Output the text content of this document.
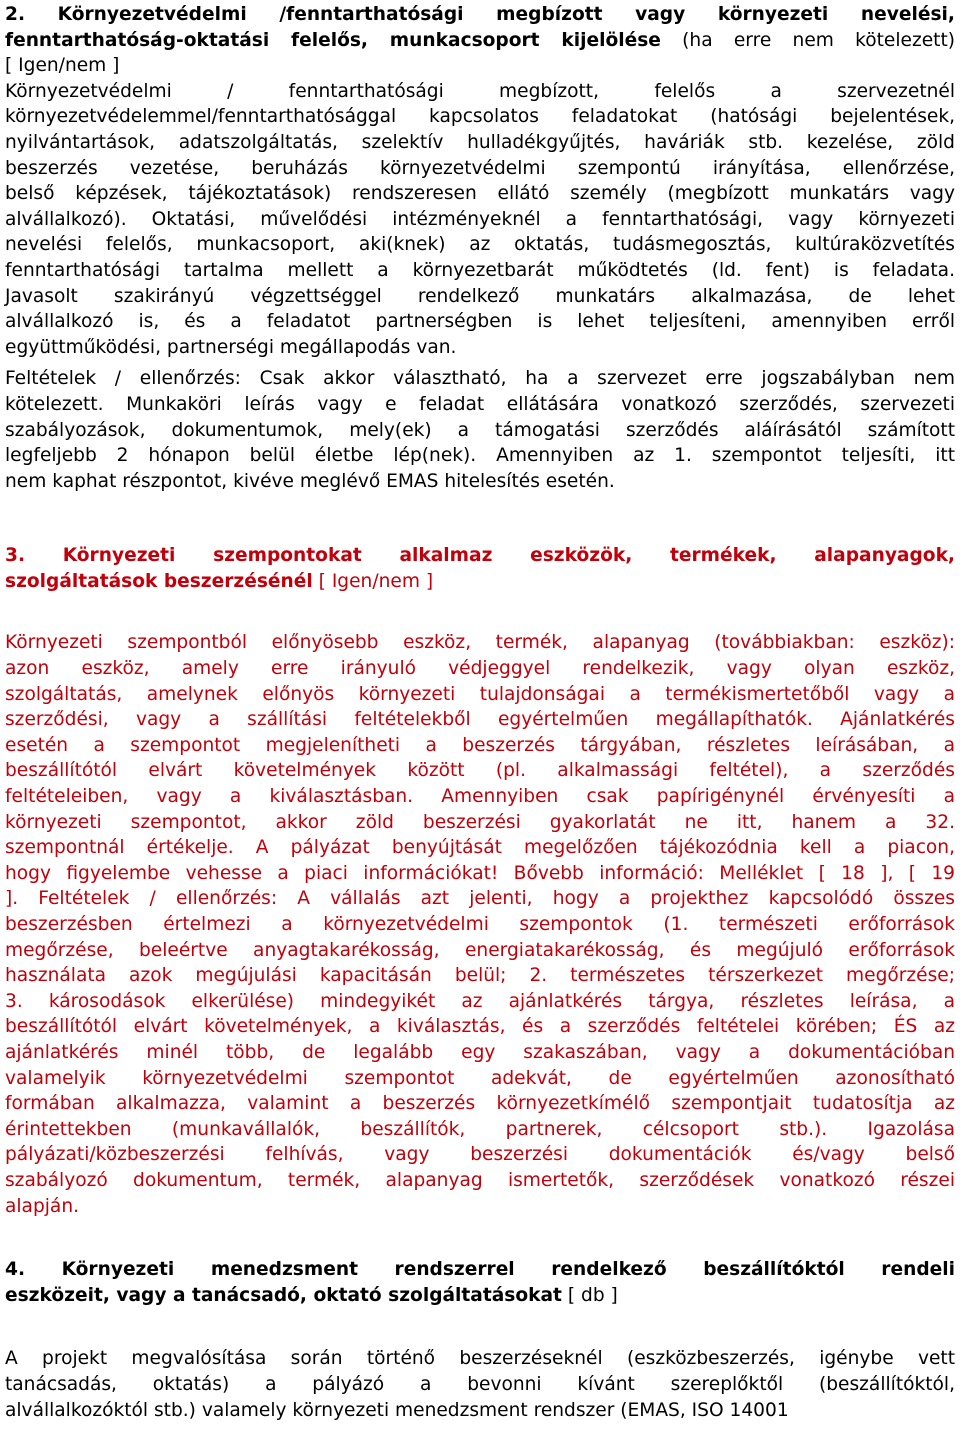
2. Környezetvédelmi /fenntarthatósági megbízott vagy környezeti nevelési,
fenntarthatóság-oktatási felelős, munkacsoport kijelölése (ha erre nem kötelezett)
[ Igen/nem ]
Környezetvédelmi / fenntarthatósági megbízott, felelős a szervezetnél
környezetvédelemmel/fenntarthatósággal kapcsolatos feladatokat (hatósági bejelentések,
nyilvántartások, adatszolgáltatás, szelektív hulladékgyűjtés, haváriák stb. kezelése, zöld
beszerzés vezetése, beruházás környezetvédelmi szempontú irányítása, ellenőrzése,
belső képzések, tájékoztatások) rendszeresen ellátó személy (megbízott munkatárs vagy
alvállalkozó). Oktatási, művelődési intézményeknél a fenntarthatósági, vagy környezeti
nevelési felelős, munkacsoport, aki(knek) az oktatás, tudásmegosztás, kultúraközvetítés
fenntarthatósági tartalma mellett a környezetbarát működtetés (ld. fent) is feladata.
Javasolt szakirányú végzettséggel rendelkező munkatárs alkalmazása, de lehet
alvállalkozó is, és a feladatot partnerségben is lehet teljesíteni, amennyiben erről
együttműködési, partnerségi megállapodás van.
Feltételek / ellenőrzés: Csak akkor választható, ha a szervezet erre jogszabályban nem
kötelezett. Munkaköri leírás vagy e feladat ellátására vonatkozó szerződés, szervezeti
szabályozások, dokumentumok, mely(ek) a támogatási szerződés aláírásától számított
legfeljebb 2 hónapon belül életbe lép(nek). Amennyiben az 1. szempontot teljesíti, itt
nem kaphat részpontot, kivéve meglévő EMAS hitelesítés esetén.
3. Környezeti szempontokat alkalmaz eszközök, termékek, alapanyagok,
szolgáltatások beszerzésénél [ Igen/nem ]
Környezeti szempontból előnyösebb eszköz, termék, alapanyag (továbbiakban: eszköz):
azon eszköz, amely erre irányuló védjeggyel rendelkezik, vagy olyan eszköz,
szolgáltatás, amelynek előnyös környezeti tulajdonságai a termékismertetőből vagy a
szerződési, vagy a szállítási feltételekből egyértelműen megállapíthatók. Ajánlatkérés
esetén a szempontot megjelenítheti a beszerzés tárgyában, részletes leírásában, a
beszállítótól elvárt követelmények között (pl. alkalmassági feltétel), a szerződés
feltételeiben, vagy a kiválasztásban. Amennyiben csak papírigénynél érvényesíti a
környezeti szempontot, akkor zöld beszerzési gyakorlatát ne itt, hanem a 32.
szempontnál értékelje. A pályázat benyújtását megelőzően tájékozódnia kell a piacon,
hogy figyelembe vehesse a piaci információkat! Bővebb információ: Melléklet [ 18 ], [ 19
]. Feltételek / ellenőrzés: A vállalás azt jelenti, hogy a projekthez kapcsolódó összes
beszerzésben értelmezi a környezetvédelmi szempontok (1. természeti erőforrások
megőrzése, beleértve anyagtakarékosság, energiatakarékosság, és megújuló erőforrások
használata azok megújulási kapacitásán belül; 2. természetes térszerkezet megőrzése;
3. károsodások elkerülése) mindegyikét az ajánlatkérés tárgya, részletes leírása, a
beszállítótól elvárt követelmények, a kiválasztás, és a szerződés feltételei körében; ÉS az
ajánlatkérés minél több, de legalább egy szakaszában, vagy a dokumentációban
valamelyik környezetvédelmi szempontot adekvát, de egyértelműen azonosítható
formában alkalmazza, valamint a beszerzés környezetkímélő szempontjait tudatosítja az
érintettekben (munkavállalók, beszállítók, partnerek, célcsoport stb.). Igazolása
pályázati/közbeszerzési felhívás, vagy beszerzési dokumentációk és/vagy belső
szabályozó dokumentum, termék, alapanyag ismertetők, szerződések vonatkozó részei
alapján.
4. Környezeti menedzsment rendszerrel rendelkező beszállítóktól rendeli
eszközeit, vagy a tanácsadó, oktató szolgáltatásokat [ db ]
A projekt megvalósítása során történő beszerzéseknél (eszközbeszerzés, igénybe vett
tanácsadás, oktatás) a pályázó a bevonni kívánt szereplőktől (beszállítóktól,
alvállalkozóktól stb.) valamely környezeti menedzsment rendszer (EMAS, ISO 14001
